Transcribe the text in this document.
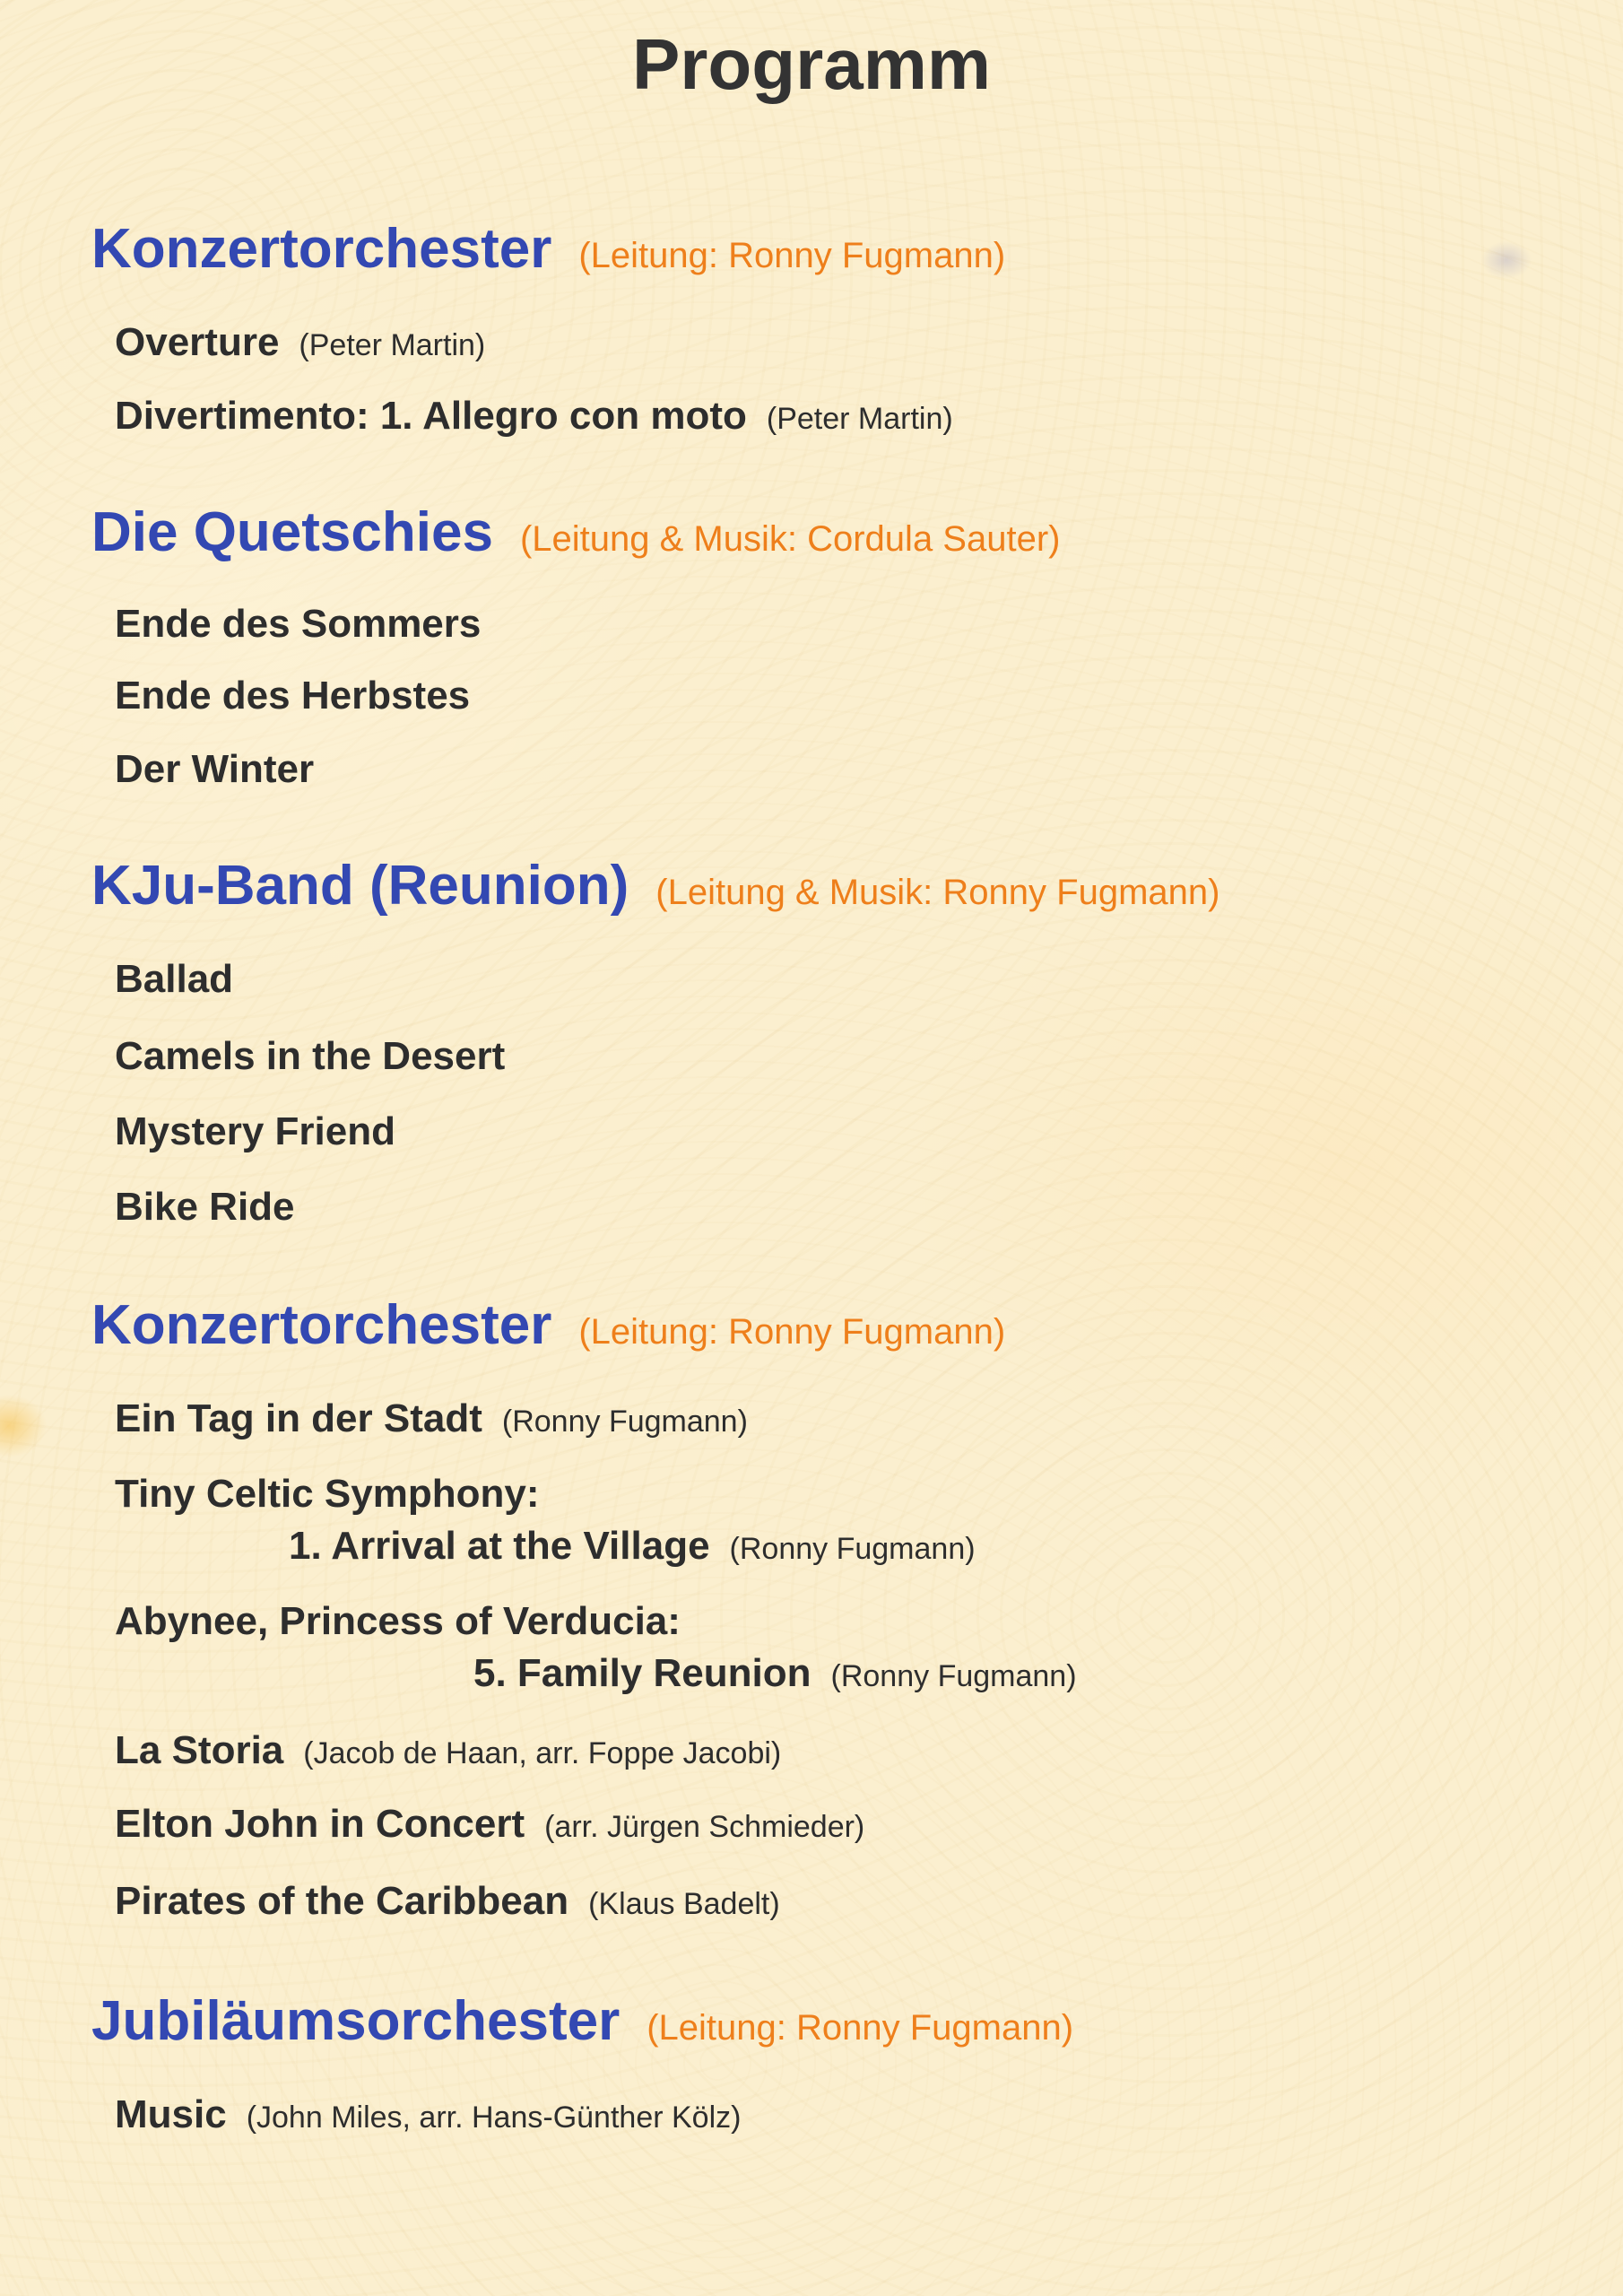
Programm
Konzertorchester (Leitung: Ronny Fugmann)
Overture (Peter Martin)
Divertimento: 1. Allegro con moto (Peter Martin)
Die Quetschies (Leitung & Musik: Cordula Sauter)
Ende des Sommers
Ende des Herbstes
Der Winter
KJu-Band (Reunion) (Leitung & Musik: Ronny Fugmann)
Ballad
Camels in the Desert
Mystery Friend
Bike Ride
Konzertorchester (Leitung: Ronny Fugmann)
Ein Tag in der Stadt (Ronny Fugmann)
Tiny Celtic Symphony:
1. Arrival at the Village (Ronny Fugmann)
Abynee, Princess of Verducia:
5. Family Reunion (Ronny Fugmann)
La Storia (Jacob de Haan, arr. Foppe Jacobi)
Elton John in Concert (arr. Jürgen Schmieder)
Pirates of the Caribbean (Klaus Badelt)
Jubiläumsorchester (Leitung: Ronny Fugmann)
Music (John Miles, arr. Hans-Günther Kölz)
